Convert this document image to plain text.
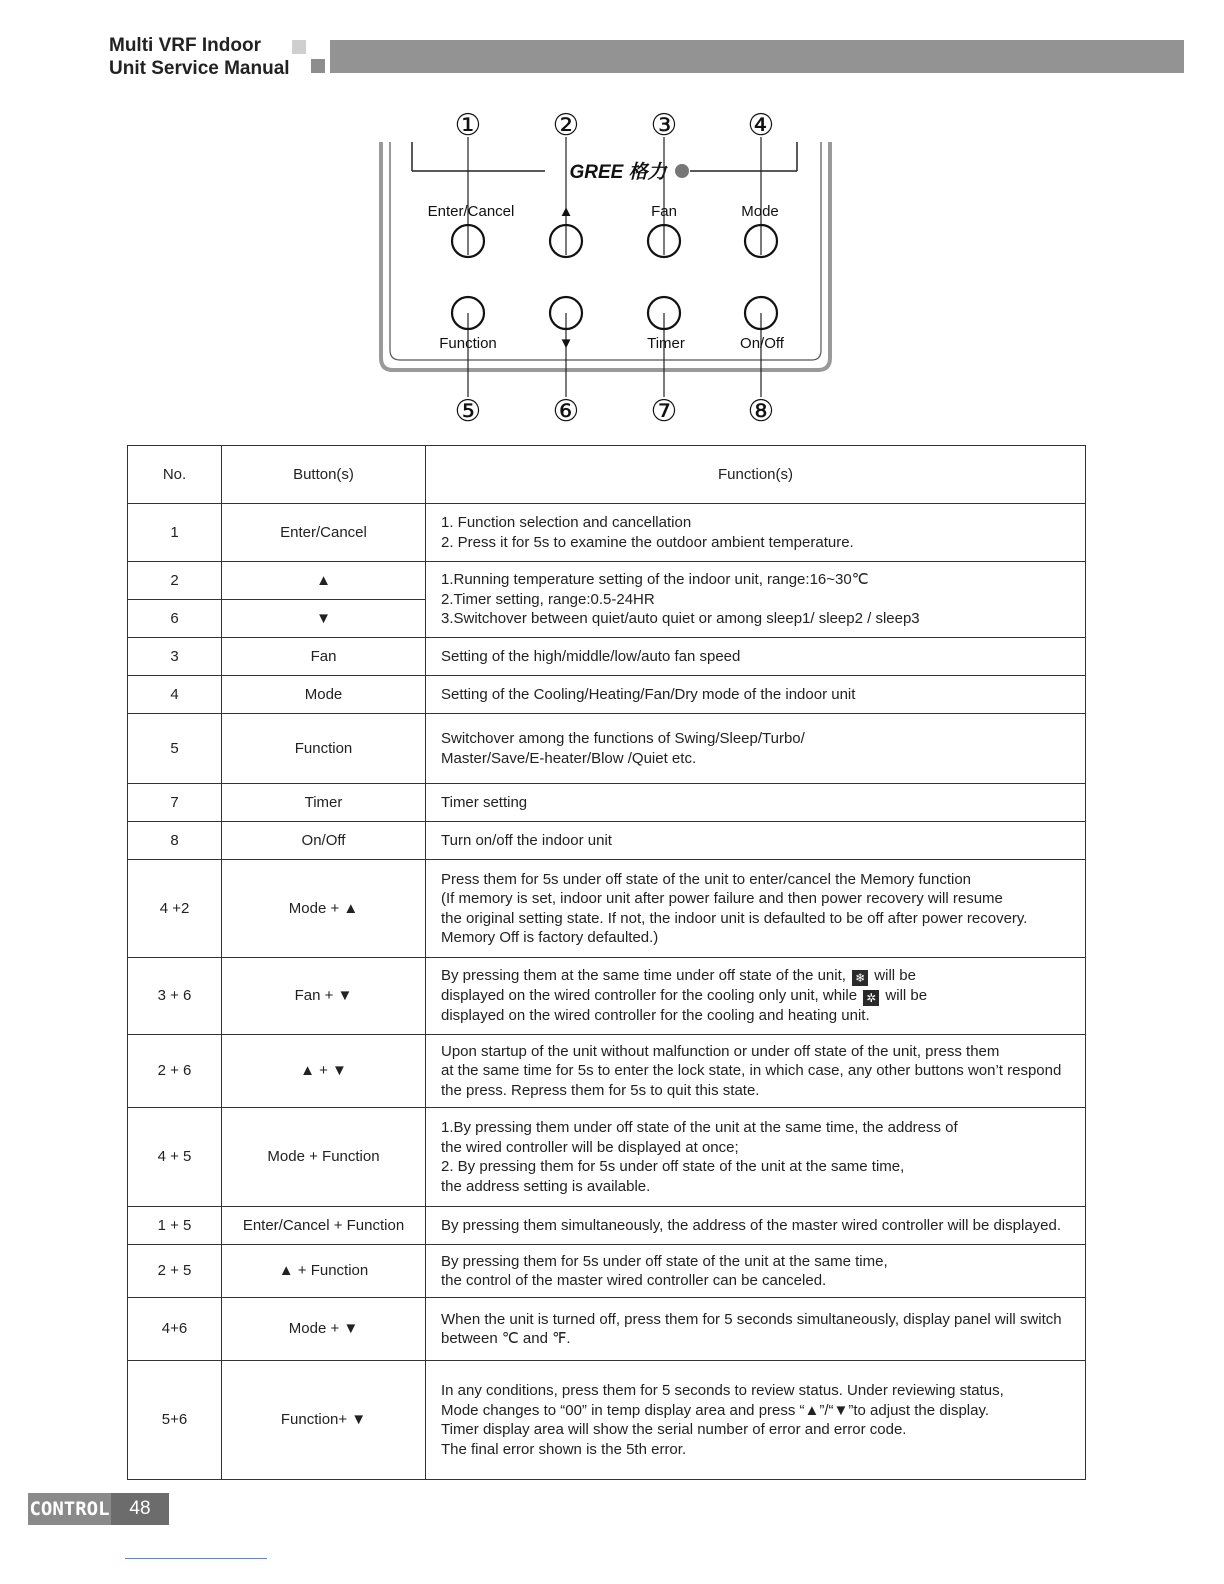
Multi VRF Indoor
Unit Service Manual
GREE 格力
Enter/Cancel	▲	Fan	Mode
Function	▼	Timer	On/Off
① ② ③ ④
⑤ ⑥ ⑦ ⑧
No.	Button(s)	Function(s)
1	Enter/Cancel	1. Function selection and cancellation
2. Press it for 5s to examine the outdoor ambient temperature.

2	▲	1.Running temperature setting of the indoor unit, range:16~30℃
2.Timer setting, range:0.5-24HR
3.Switchover between quiet/auto quiet or among sleep1/ sleep2 / sleep3

6	▼	
3	Fan	Setting of the high/middle/low/auto fan speed

4	Mode	Setting of the Cooling/Heating/Fan/Dry mode of the indoor unit

5	Function	Switchover among the functions of Swing/Sleep/Turbo/
Master/Save/E-heater/Blow /Quiet etc.

7	Timer	Timer setting

8	On/Off	Turn on/off the indoor unit

4 +2	Mode + ▲	Press them for 5s under off state of the unit to enter/cancel the Memory function
(If memory is set, indoor unit after power failure and then power recovery will resume
the original setting state. If not, the indoor unit is defaulted to be off after power recovery.
Memory Off is factory defaulted.)

3 + 6	Fan + ▼	By pressing them at the same time under off state of the unit, ❄ will be
displayed on the wired controller for the cooling only unit, while ✲ will be
displayed on the wired controller for the cooling and heating unit.

2 + 6	▲ + ▼	Upon startup of the unit without malfunction or under off state of the unit, press them
at the same time for 5s to enter the lock state, in which case, any other buttons won’t respond
the press. Repress them for 5s to quit this state.

4 + 5	Mode + Function	1.By pressing them under off state of the unit at the same time, the address of
the wired controller will be displayed at once;
2. By pressing them for 5s under off state of the unit at the same time,
the address setting is available.

1 + 5	Enter/Cancel + Function	By pressing them simultaneously, the address of the master wired controller will be displayed.

2 + 5	▲ + Function	By pressing them for 5s under off state of the unit at the same time,
the control of the master wired controller can be canceled.

4+6	Mode + ▼	When the unit is turned off, press them for 5 seconds simultaneously, display panel will switch
between ℃ and ℉.

5+6	Function+ ▼	In any conditions, press them for 5 seconds to review status. Under reviewing status,
Mode changes to “00” in temp display area and press “▲”/“▼”to adjust the display.
Timer display area will show the serial number of error and error code.
The final error shown is the 5th error.
CONTROL	48
